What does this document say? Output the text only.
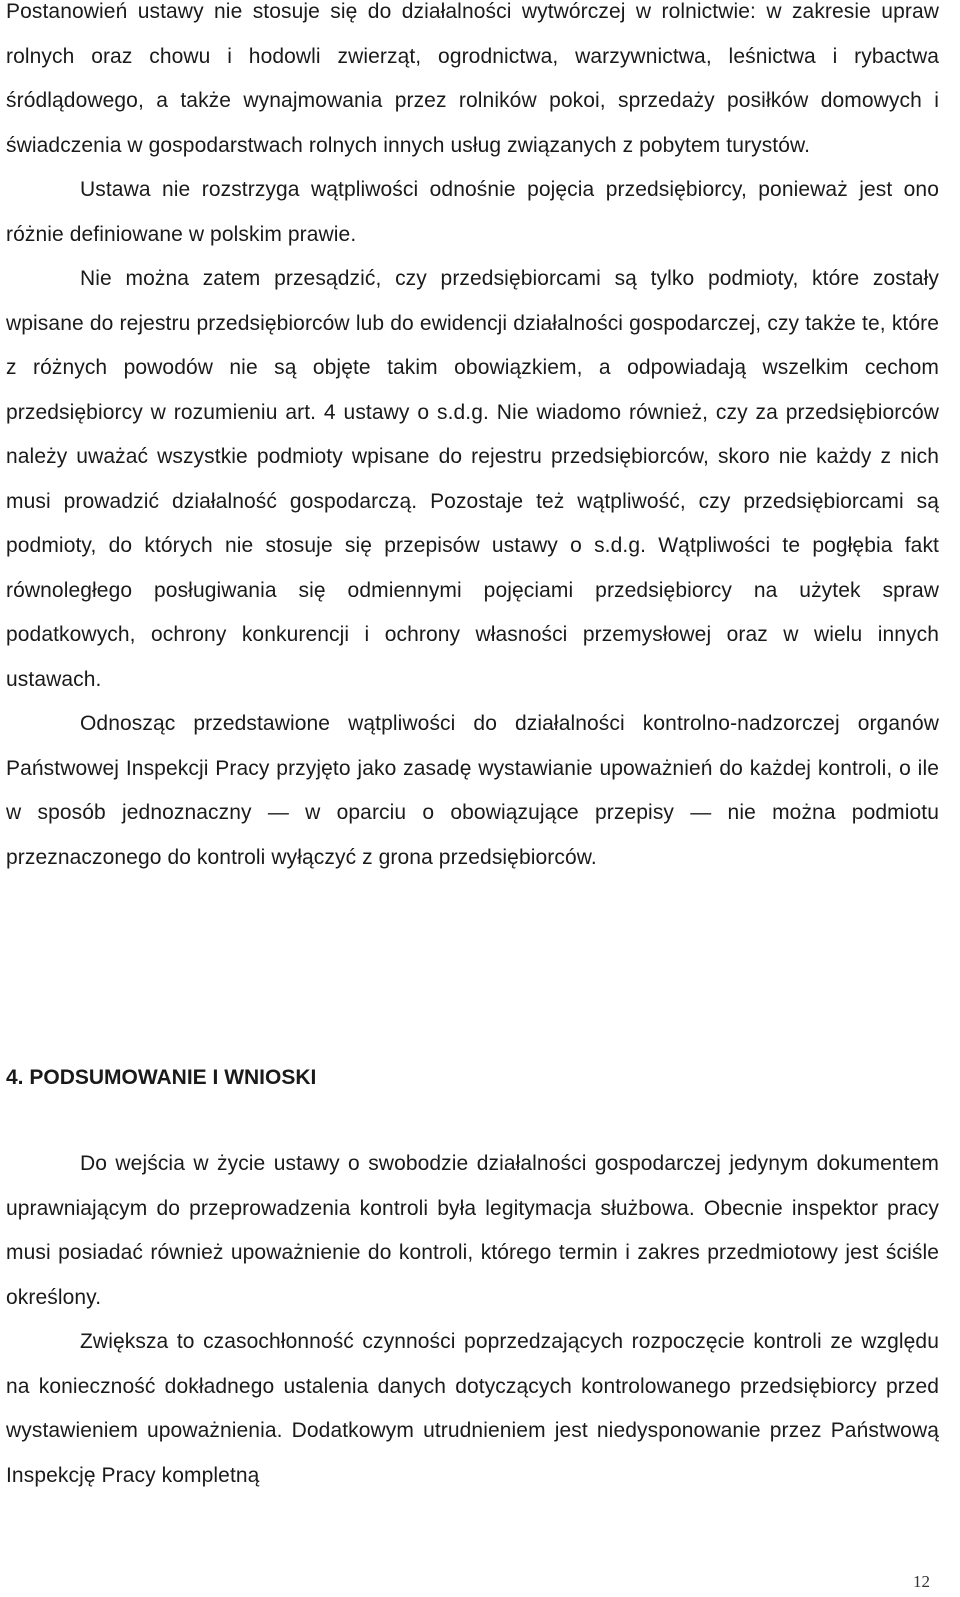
Postanowień ustawy nie stosuje się do działalności wytwórczej w rolnictwie: w zakresie upraw rolnych oraz chowu i hodowli zwierząt, ogrodnictwa, warzywnictwa, leśnictwa i rybactwa śródlądowego, a także wynajmowania przez rolników pokoi, sprzedaży posiłków domowych i świadczenia w gospodarstwach rolnych innych usług związanych z pobytem turystów.

Ustawa nie rozstrzyga wątpliwości odnośnie pojęcia przedsiębiorcy, ponieważ jest ono różnie definiowane w polskim prawie.

Nie można zatem przesądzić, czy przedsiębiorcami są tylko podmioty, które zostały wpisane do rejestru przedsiębiorców lub do ewidencji działalności gospodarczej, czy także te, które z różnych powodów nie są objęte takim obowiązkiem, a odpowiadają wszelkim cechom przedsiębiorcy w rozumieniu art. 4 ustawy o s.d.g. Nie wiadomo również, czy za przedsiębiorców należy uważać wszystkie podmioty wpisane do rejestru przedsiębiorców, skoro nie każdy z nich musi prowadzić działalność gospodarczą. Pozostaje też wątpliwość, czy przedsiębiorcami są podmioty, do których nie stosuje się przepisów ustawy o s.d.g. Wątpliwości te pogłębia fakt równoległego posługiwania się odmiennymi pojęciami przedsiębiorcy na użytek spraw podatkowych, ochrony konkurencji i ochrony własności przemysłowej oraz w wielu innych ustawach.

Odnosząc przedstawione wątpliwości do działalności kontrolno-nadzorczej organów Państwowej Inspekcji Pracy przyjęto jako zasadę wystawianie upoważnień do każdej kontroli, o ile w sposób jednoznaczny — w oparciu o obowiązujące przepisy — nie można podmiotu przeznaczonego do kontroli wyłączyć z grona przedsiębiorców.

4. PODSUMOWANIE I WNIOSKI

Do wejścia w życie ustawy o swobodzie działalności gospodarczej jedynym dokumentem uprawniającym do przeprowadzenia kontroli była legitymacja służbowa. Obecnie inspektor pracy musi posiadać również upoważnienie do kontroli, którego termin i zakres przedmiotowy jest ściśle określony.

Zwiększa to czasochłonność czynności poprzedzających rozpoczęcie kontroli ze względu na konieczność dokładnego ustalenia danych dotyczących kontrolowanego przedsiębiorcy przed wystawieniem upoważnienia. Dodatkowym utrudnieniem jest niedysponowanie przez Państwową Inspekcję Pracy kompletną

12
